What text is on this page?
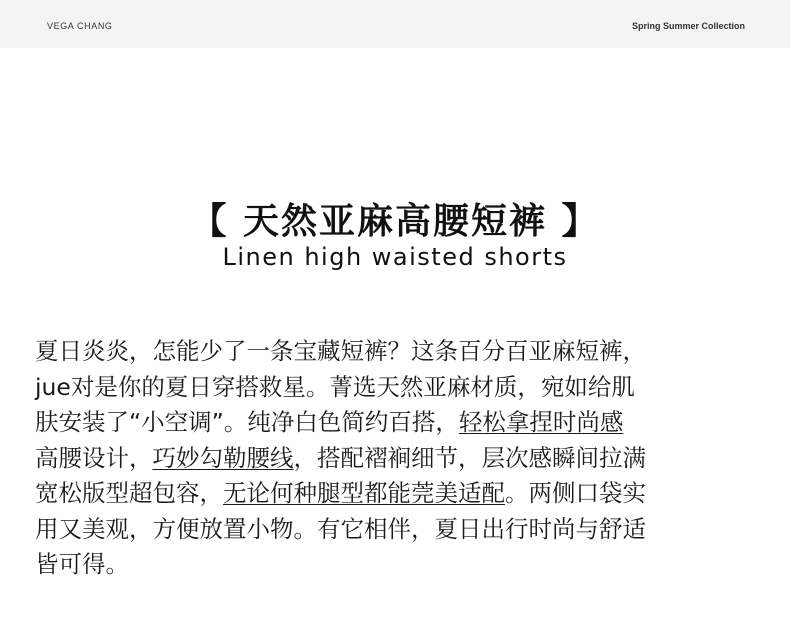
VEGA CHANG	Spring Summer Collection
【 天然亚麻高腰短裤 】
Linen high waisted shorts
夏日炎炎，怎能少了一条宝藏短裤？这条百分百亚麻短裤，
jue对是你的夏日穿搭救星。菁选天然亚麻材质，宛如给肌
肤安装了“小空调”。纯净白色简约百搭，轻松拿捏时尚感
高腰设计，巧妙勾勒腰线，搭配褶裥细节，层次感瞬间拉满
宽松版型超包容，无论何种腿型都能莞美适配。两侧口袋实
用又美观，方便放置小物。有它相伴，夏日出行时尚与舒适
皆可得。
